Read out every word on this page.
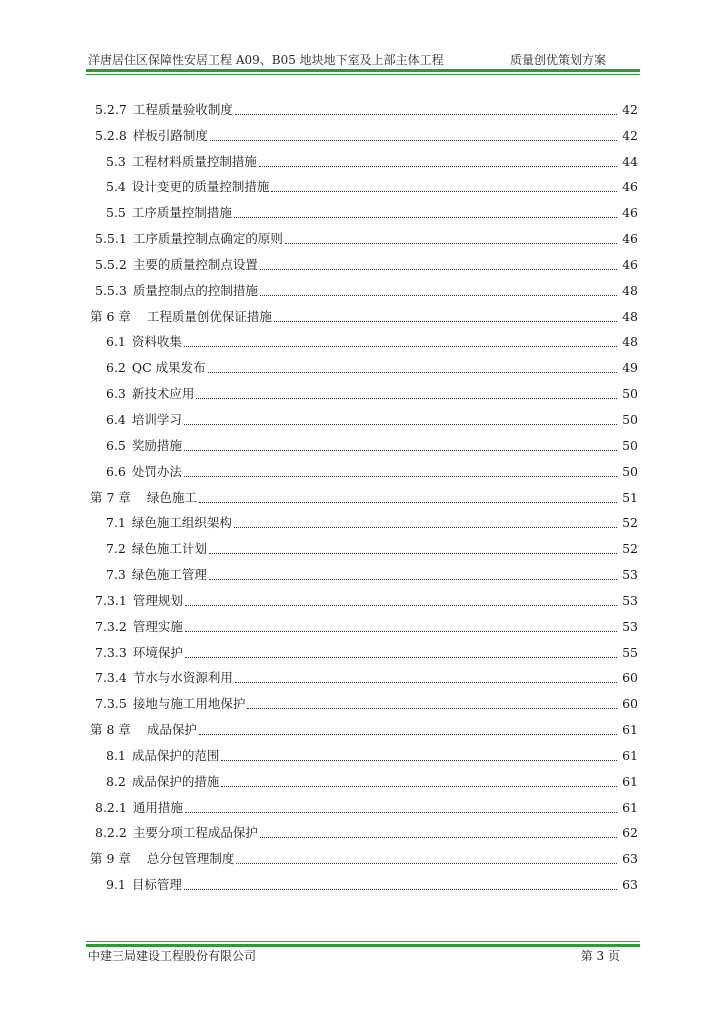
洋唐居住区保障性安居工程 A09、B05 地块地下室及上部主体工程	质量创优策划方案
5.2.7 工程质量验收制度	42
5.2.8 样板引路制度	42
5.3 工程材料质量控制措施	44
5.4 设计变更的质量控制措施	46
5.5 工序质量控制措施	46
5.5.1 工序质量控制点确定的原则	46
5.5.2 主要的质量控制点设置	46
5.5.3 质量控制点的控制措施	48
第 6 章 工程质量创优保证措施	48
6.1 资料收集	48
6.2 QC 成果发布	49
6.3 新技术应用	50
6.4 培训学习	50
6.5 奖励措施	50
6.6 处罚办法	50
第 7 章 绿色施工	51
7.1 绿色施工组织架构	52
7.2 绿色施工计划	52
7.3 绿色施工管理	53
7.3.1 管理规划	53
7.3.2 管理实施	53
7.3.3 环境保护	55
7.3.4 节水与水资源利用	60
7.3.5 接地与施工用地保护	60
第 8 章 成品保护	61
8.1 成品保护的范围	61
8.2 成品保护的措施	61
8.2.1 通用措施	61
8.2.2 主要分项工程成品保护	62
第 9 章 总分包管理制度	63
9.1 目标管理	63
中建三局建设工程股份有限公司	第 3 页
